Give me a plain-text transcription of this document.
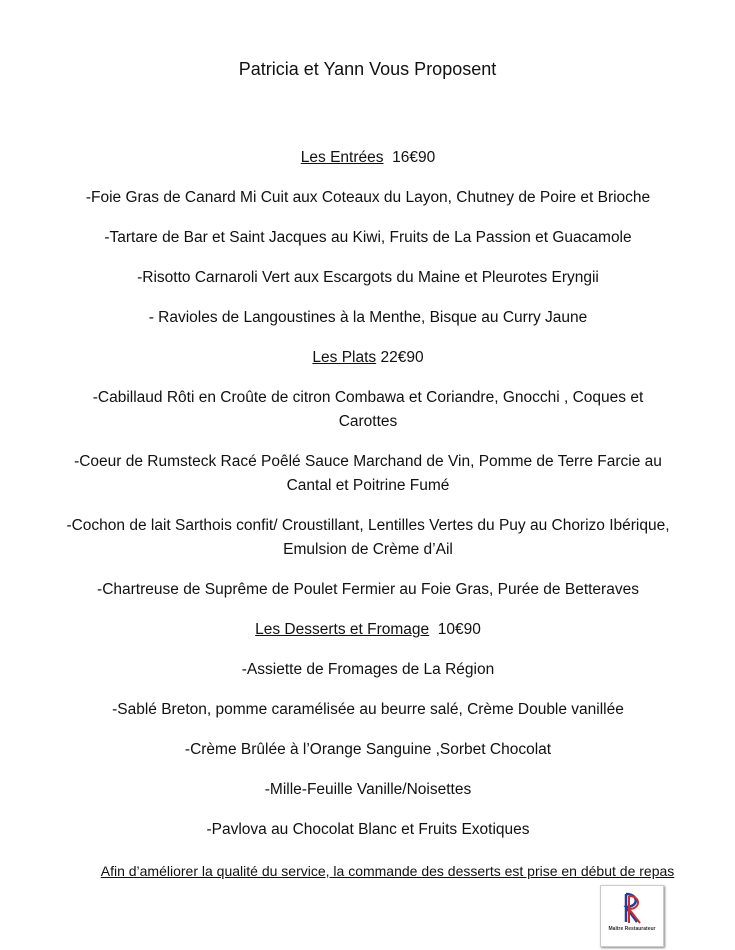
Patricia et Yann Vous Proposent

Les Entrées 16€90

-Foie Gras de Canard Mi Cuit aux Coteaux du Layon, Chutney de Poire et Brioche

-Tartare de Bar et Saint Jacques au Kiwi, Fruits de La Passion et Guacamole

-Risotto Carnaroli Vert aux Escargots du Maine et Pleurotes Eryngii

- Ravioles de Langoustines à la Menthe, Bisque au Curry Jaune

Les Plats 22€90

-Cabillaud Rôti en Croûte de citron Combawa et Coriandre, Gnocchi , Coques et Carottes

-Coeur de Rumsteck Racé Poêlé Sauce Marchand de Vin, Pomme de Terre Farcie au Cantal et Poitrine Fumé

-Cochon de lait Sarthois confit/ Croustillant, Lentilles Vertes du Puy au Chorizo Ibérique, Emulsion de Crème d’Ail

-Chartreuse de Suprême de Poulet Fermier au Foie Gras, Purée de Betteraves

Les Desserts et Fromage 10€90

-Assiette de Fromages de La Région

-Sablé Breton, pomme caramélisée au beurre salé, Crème Double vanillée

-Crème Brûlée à l’Orange Sanguine ,Sorbet Chocolat

-Mille-Feuille Vanille/Noisettes

-Pavlova au Chocolat Blanc et Fruits Exotiques

Afin d’améliorer la qualité du service, la commande des desserts est prise en début de repas
Maître Restaurateur
